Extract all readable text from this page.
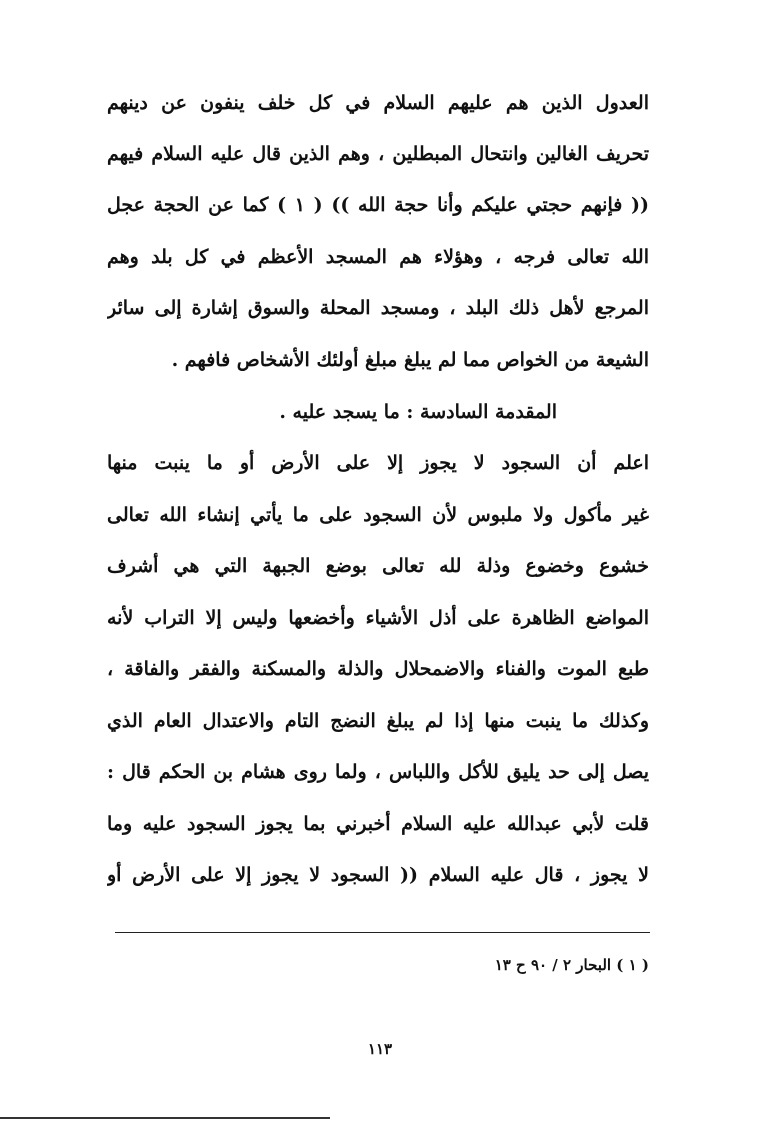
العدول الذين هم عليهم السلام في كل خلف ينفون عن دينهم
تحريف الغالين وانتحال المبطلين ، وهم الذين قال عليه السلام فيهم
(( فإنهم حجتي عليكم وأنا حجة الله )) ( ١ ) كما عن الحجة عجل
الله تعالى فرجه ، وهؤلاء هم المسجد الأعظم في كل بلد وهم
المرجع لأهل ذلك البلد ، ومسجد المحلة والسوق إشارة إلى سائر
الشيعة من الخواص مما لم يبلغ مبلغ أولئك الأشخاص فافهم .
المقدمة السادسة : ما يسجد عليه .
اعلم أن السجود لا يجوز إلا على الأرض أو ما ينبت منها
غير مأكول ولا ملبوس لأن السجود على ما يأتي إنشاء الله تعالى
خشوع وخضوع وذلة لله تعالى بوضع الجبهة التي هي أشرف
المواضع الظاهرة على أذل الأشياء وأخضعها وليس إلا التراب لأنه
طبع الموت والفناء والاضمحلال والذلة والمسكنة والفقر والفاقة ،
وكذلك ما ينبت منها إذا لم يبلغ النضج التام والاعتدال العام الذي
يصل إلى حد يليق للأكل واللباس ، ولما روى هشام بن الحكم قال :
قلت لأبي عبدالله عليه السلام أخبرني بما يجوز السجود عليه وما
لا يجوز ، قال عليه السلام (( السجود لا يجوز إلا على الأرض أو
( ١ ) البحار ٢ / ٩٠ ح ١٣
١١٣
